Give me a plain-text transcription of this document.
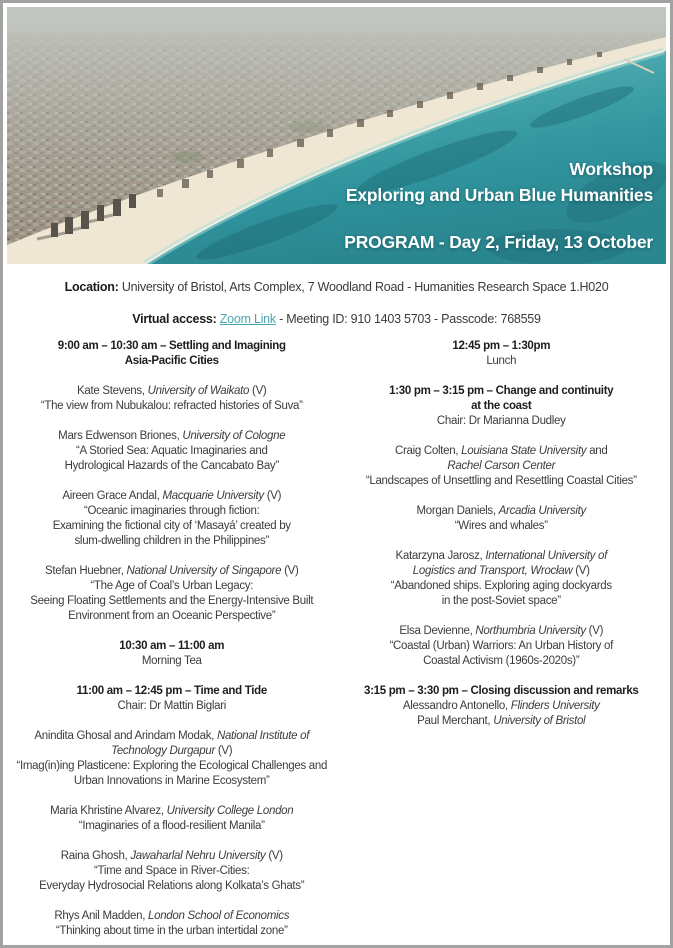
Workshop
Exploring and Urban Blue Humanities
PROGRAM - Day 2, Friday, 13 October
Location: University of Bristol, Arts Complex, 7 Woodland Road - Humanities Research Space 1.H020
Virtual access: Zoom Link - Meeting ID: 910 1403 5703 - Passcode: 768559
9:00 am – 10:30 am – Settling and Imagining
Asia-Pacific Cities
Kate Stevens, University of Waikato (V)
“The view from Nubukalou: refracted histories of Suva”
Mars Edwenson Briones, University of Cologne
“A Storied Sea: Aquatic Imaginaries and
Hydrological Hazards of the Cancabato Bay”
Aireen Grace Andal, Macquarie University (V)
“Oceanic imaginaries through fiction:
Examining the fictional city of ‘Masayá’ created by
slum-dwelling children in the Philippines”
Stefan Huebner, National University of Singapore (V)
“The Age of Coal’s Urban Legacy:
Seeing Floating Settlements and the Energy-Intensive Built
Environment from an Oceanic Perspective”
10:30 am – 11:00 am
Morning Tea
11:00 am – 12:45 pm – Time and Tide
Chair: Dr Mattin Biglari
Anindita Ghosal and Arindam Modak, National Institute of
Technology Durgapur (V)
“Imag(in)ing Plasticene: Exploring the Ecological Challenges and
Urban Innovations in Marine Ecosystem”
Maria Khristine Alvarez, University College London
“Imaginaries of a flood-resilient Manila”
Raina Ghosh, Jawaharlal Nehru University (V)
“Time and Space in River-Cities:
Everyday Hydrosocial Relations along Kolkata’s Ghats”
Rhys Anil Madden, London School of Economics
“Thinking about time in the urban intertidal zone”
12:45 pm – 1:30pm
Lunch
1:30 pm – 3:15 pm – Change and continuity
at the coast
Chair: Dr Marianna Dudley
Craig Colten, Louisiana State University and
Rachel Carson Center
“Landscapes of Unsettling and Resettling Coastal Cities”
Morgan Daniels, Arcadia University
“Wires and whales”
Katarzyna Jarosz, International University of
Logistics and Transport, Wrocław (V)
“Abandoned ships. Exploring aging dockyards
in the post-Soviet space”
Elsa Devienne, Northumbria University (V)
“Coastal (Urban) Warriors: An Urban History of
Coastal Activism (1960s-2020s)”
3:15 pm – 3:30 pm – Closing discussion and remarks
Alessandro Antonello, Flinders University
Paul Merchant, University of Bristol
